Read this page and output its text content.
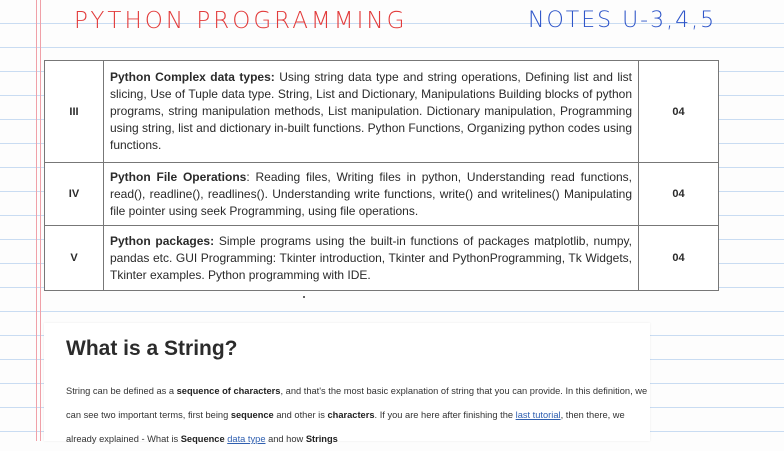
PYTHON PROGRAMMING	NOTES U-3,4,5
III	Python Complex data types: Using string data type and string operations, Defining list and list slicing, Use of Tuple data type. String, List and Dictionary, Manipulations Building blocks of python programs, string manipulation methods, List manipulation. Dictionary manipulation, Programming using string, list and dictionary in-built functions. Python Functions, Organizing python codes using functions.	04
IV	Python File Operations: Reading files, Writing files in python, Understanding read functions, read(), readline(), readlines(). Understanding write functions, write() and writelines() Manipulating file pointer using seek Programming, using file operations.	04
V	Python packages: Simple programs using the built-in functions of packages matplotlib, numpy, pandas etc. GUI Programming: Tkinter introduction, Tkinter and PythonProgramming, Tk Widgets, Tkinter examples. Python programming with IDE.	04
What is a String?

String can be defined as a sequence of characters, and that's the most basic explanation of string that you can provide. In this definition, we can see two important terms, first being sequence and other is characters. If you are here after finishing the last tutorial, then there, we already explained - What is Sequence data type and how Strings
